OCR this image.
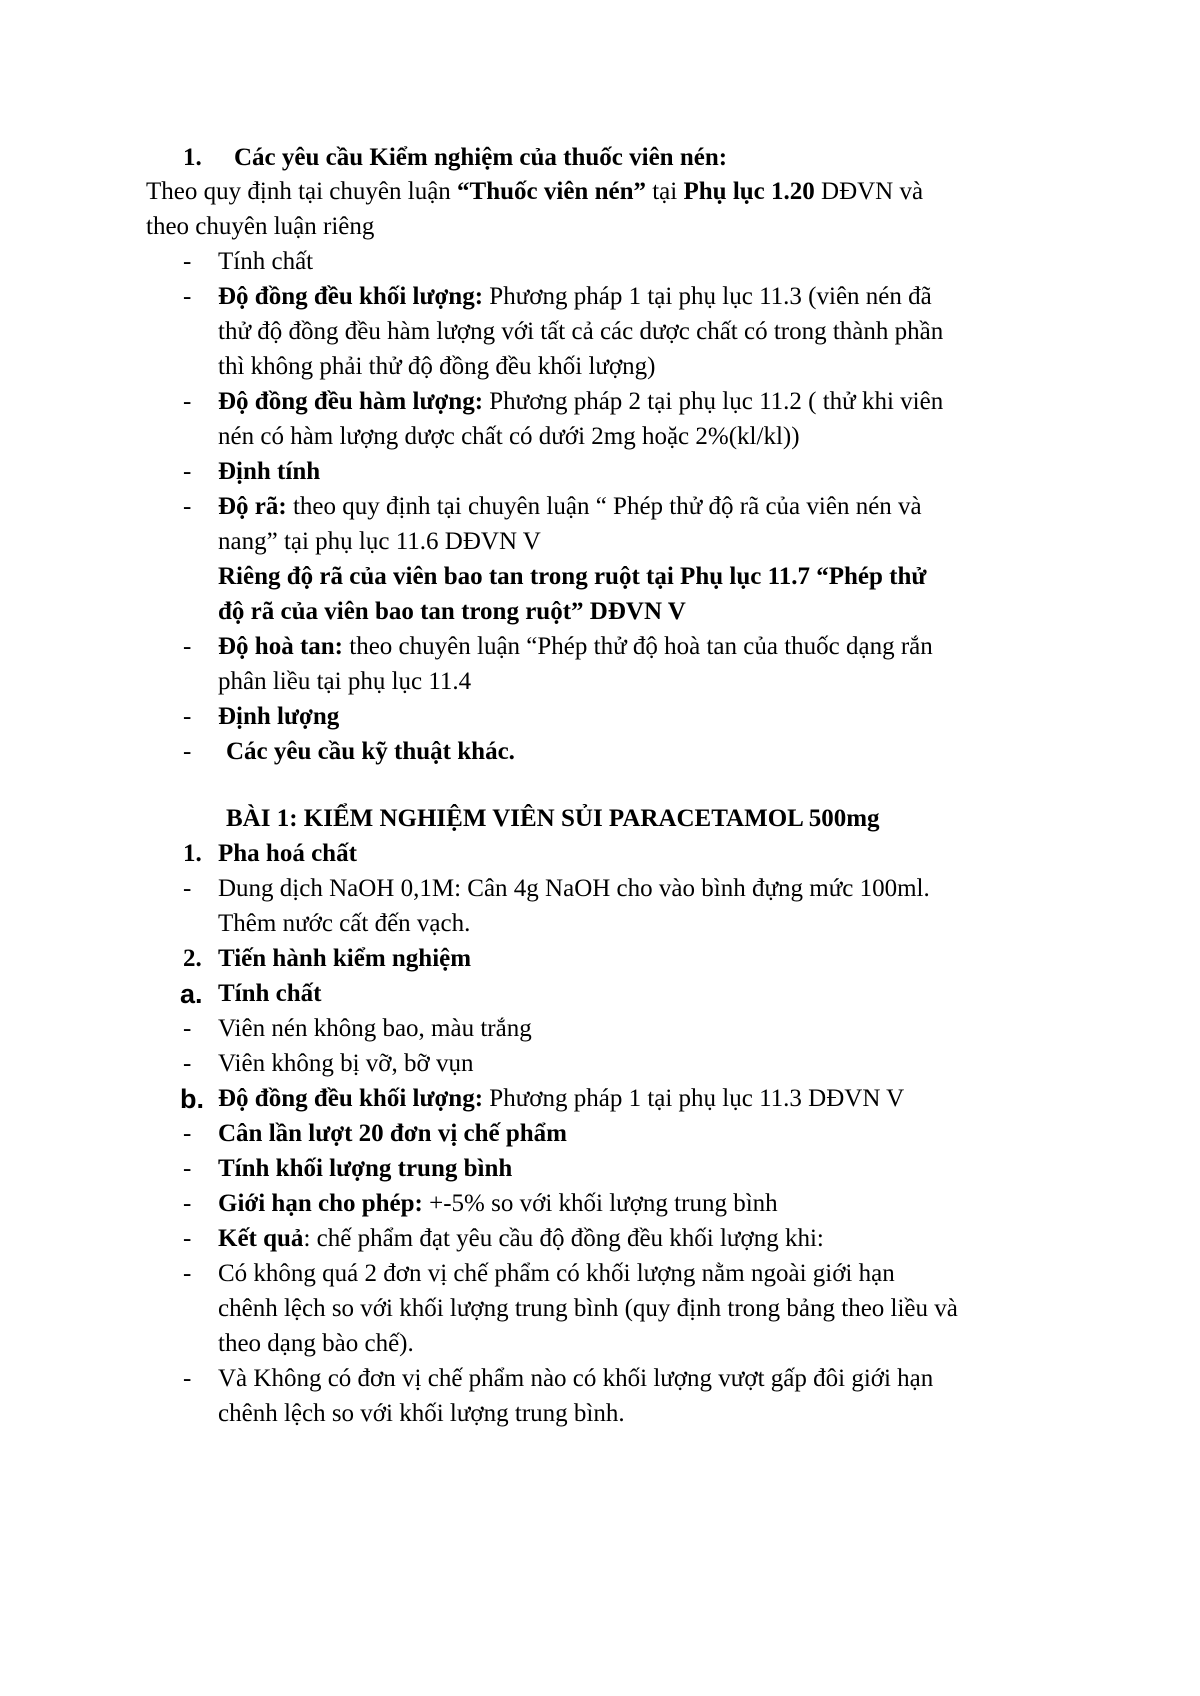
1. Các yêu cầu Kiểm nghiệm của thuốc viên nén:
Theo quy định tại chuyên luận “Thuốc viên nén” tại Phụ lục 1.20 DĐVN và
theo chuyên luận riêng
- Tính chất
- Độ đồng đều khối lượng: Phương pháp 1 tại phụ lục 11.3 (viên nén đã
thử độ đồng đều hàm lượng với tất cả các dược chất có trong thành phần
thì không phải thử độ đồng đều khối lượng)
- Độ đồng đều hàm lượng: Phương pháp 2 tại phụ lục 11.2 ( thử khi viên
nén có hàm lượng dược chất có dưới 2mg hoặc 2%(kl/kl))
- Định tính
- Độ rã: theo quy định tại chuyên luận “ Phép thử độ rã của viên nén và
nang” tại phụ lục 11.6 DĐVN V
Riêng độ rã của viên bao tan trong ruột tại Phụ lục 11.7 “Phép thử
độ rã của viên bao tan trong ruột” DĐVN V
- Độ hoà tan: theo chuyên luận “Phép thử độ hoà tan của thuốc dạng rắn
phân liều tại phụ lục 11.4
- Định lượng
- Các yêu cầu kỹ thuật khác.
BÀI 1: KIỂM NGHIỆM VIÊN SỦI PARACETAMOL 500mg
1. Pha hoá chất
- Dung dịch NaOH 0,1M: Cân 4g NaOH cho vào bình đựng mức 100ml.
Thêm nước cất đến vạch.
2. Tiến hành kiểm nghiệm
a. Tính chất
- Viên nén không bao, màu trắng
- Viên không bị vỡ, bỡ vụn
b. Độ đồng đều khối lượng: Phương pháp 1 tại phụ lục 11.3 DĐVN V
- Cân lần lượt 20 đơn vị chế phẩm
- Tính khối lượng trung bình
- Giới hạn cho phép: +-5% so với khối lượng trung bình
- Kết quả: chế phẩm đạt yêu cầu độ đồng đều khối lượng khi:
- Có không quá 2 đơn vị chế phẩm có khối lượng nằm ngoài giới hạn
chênh lệch so với khối lượng trung bình (quy định trong bảng theo liều và
theo dạng bào chế).
- Và Không có đơn vị chế phẩm nào có khối lượng vượt gấp đôi giới hạn
chênh lệch so với khối lượng trung bình.
